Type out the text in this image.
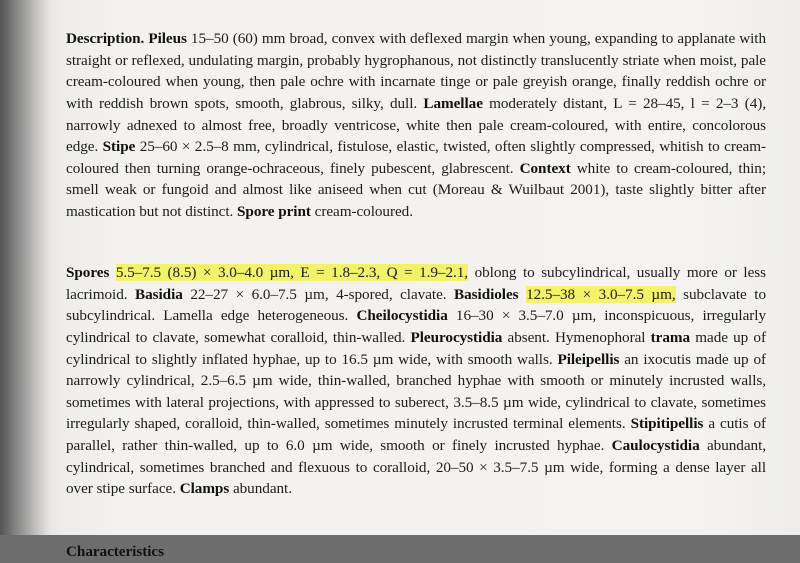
Description. Pileus 15–50 (60) mm broad, convex with deflexed margin when young, expanding to applanate with straight or reflexed, undulating margin, probably hygrophanous, not distinctly translucently striate when moist, pale cream-coloured when young, then pale ochre with incarnate tinge or pale greyish orange, finally reddish ochre or with reddish brown spots, smooth, glabrous, silky, dull. Lamellae moderately distant, L = 28–45, l = 2–3 (4), narrowly adnexed to almost free, broadly ventricose, white then pale cream-coloured, with entire, concolorous edge. Stipe 25–60 × 2.5–8 mm, cylindrical, fistulose, elastic, twisted, often slightly compressed, whitish to cream-coloured then turning orange-ochraceous, finely pubescent, glabrescent. Context white to cream-coloured, thin; smell weak or fungoid and almost like aniseed when cut (Moreau & Wuilbaut 2001), taste slightly bitter after mastication but not distinct. Spore print cream-coloured.

Spores 5.5–7.5 (8.5) × 3.0–4.0 µm, E = 1.8–2.3, Q = 1.9–2.1, oblong to subcylindrical, usually more or less lacrimoid. Basidia 22–27 × 6.0–7.5 µm, 4-spored, clavate. Basidioles 12.5–38 × 3.0–7.5 µm, subclavate to subcylindrical. Lamella edge heterogeneous. Cheilocystidia 16–30 × 3.5–7.0 µm, inconspicuous, irregularly cylindrical to clavate, somewhat coralloid, thin-walled. Pleurocystidia absent. Hymenophoral trama made up of cylindrical to slightly inflated hyphae, up to 16.5 µm wide, with smooth walls. Pileipellis an ixocutis made up of narrowly cylindrical, 2.5–6.5 µm wide, thin-walled, branched hyphae with smooth or minutely incrusted walls, sometimes with lateral projections, with appressed to suberect, 3.5–8.5 µm wide, cylindrical to clavate, sometimes irregularly shaped, coralloid, thin-walled, sometimes minutely incrusted terminal elements. Stipitipellis a cutis of parallel, rather thin-walled, up to 6.0 µm wide, smooth or finely incrusted hyphae. Caulocystidia abundant, cylindrical, sometimes branched and flexuous to coralloid, 20–50 × 3.5–7.5 µm wide, forming a dense layer all over stipe surface. Clamps abundant.

Characteristics
